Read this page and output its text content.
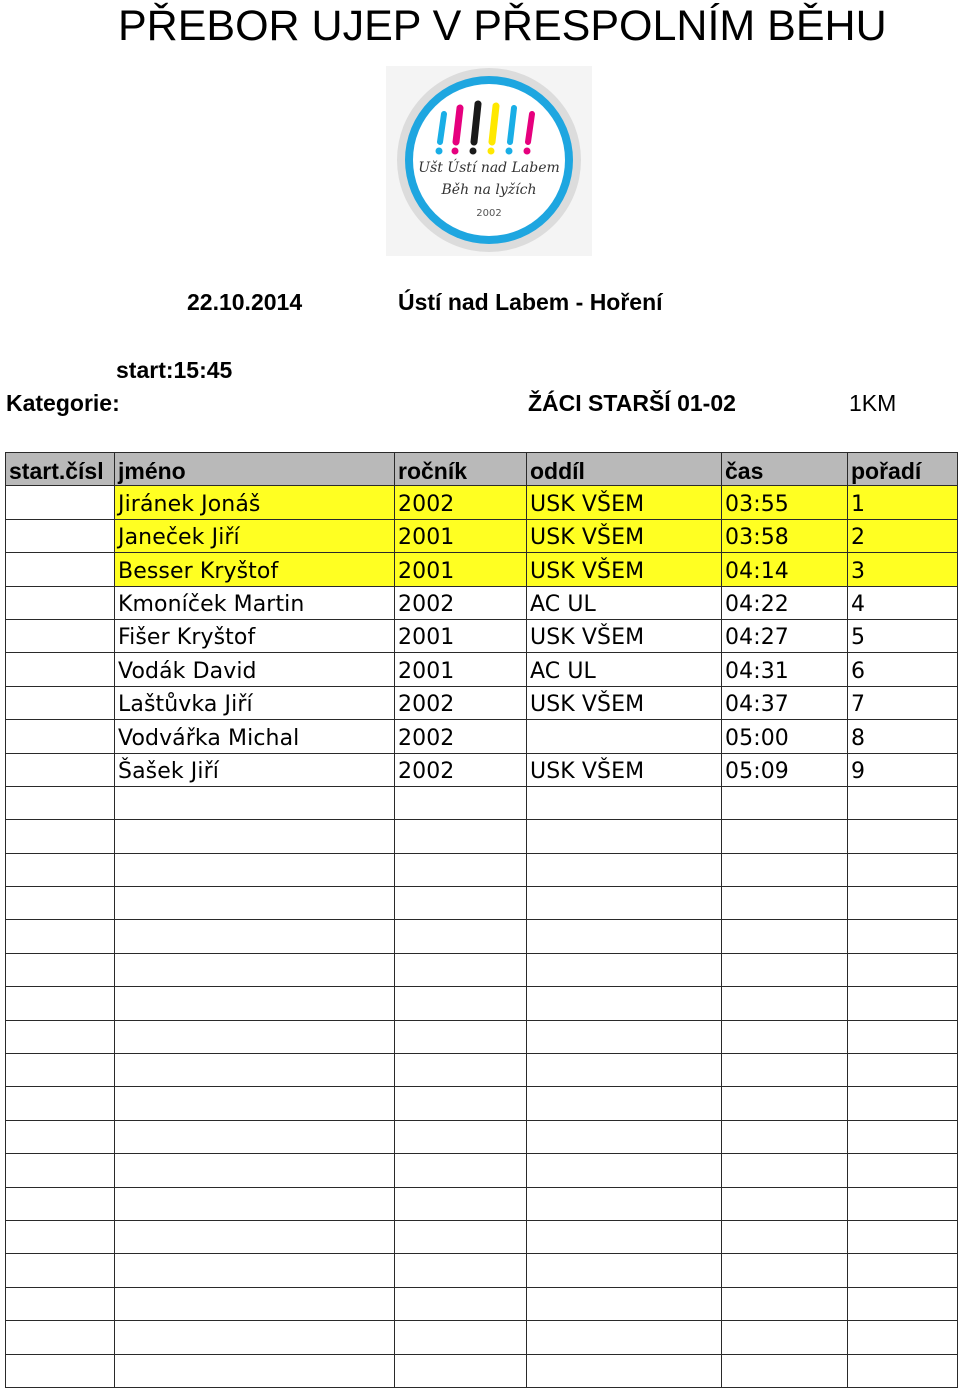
PŘEBOR UJEP V PŘESPOLNÍM BĚHU
Ušt Ústí nad Labem
Běh na lyžích
2002
22.10.2014	Ústí nad Labem - Hoření
start:15:45
Kategorie:	ŽÁCI STARŠÍ 01-02	1KM
start.čísl	jméno	ročník	oddíl	čas	pořadí
	Jiránek Jonáš	2002	USK VŠEM	03:55	1
	Janeček Jiří	2001	USK VŠEM	03:58	2
	Besser Kryštof	2001	USK VŠEM	04:14	3
	Kmoníček Martin	2002	AC UL	04:22	4
	Fišer Kryštof	2001	USK VŠEM	04:27	5
	Vodák David	2001	AC UL	04:31	6
	Laštůvka Jiří	2002	USK VŠEM	04:37	7
	Vodvářka Michal	2002		05:00	8
	Šašek Jiří	2002	USK VŠEM	05:09	9
